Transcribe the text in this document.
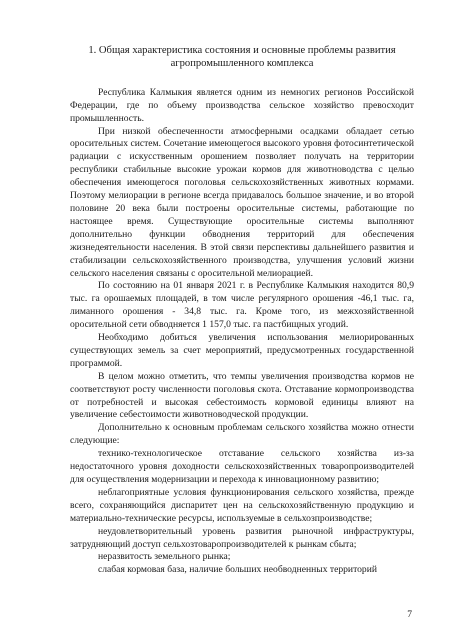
1. Общая характеристика состояния и основные проблемы развития
агропромышленного комплекса

Республика Калмыкия является одним из немногих регионов Российской Федерации, где по объему производства сельское хозяйство превосходит промышленность.

При низкой обеспеченности атмосферными осадками обладает сетью оросительных систем. Сочетание имеющегося высокого уровня фотосинтетической радиации с искусственным орошением позволяет получать на территории республики стабильные высокие урожаи кормов для животноводства с целью обеспечения имеющегося поголовья сельскохозяйственных животных кормами. Поэтому мелиорации в регионе всегда придавалось большое значение, и во второй половине 20 века были построены оросительные системы, работающие по настоящее время. Существующие оросительные системы выполняют дополнительно функции обводнения территорий для обеспечения жизнедеятельности населения. В этой связи перспективы дальнейшего развития и стабилизации сельскохозяйственного производства, улучшения условий жизни сельского населения связаны с оросительной мелиорацией.

По состоянию на 01 января 2021 г. в Республике Калмыкия находится 80,9 тыс. га орошаемых площадей, в том числе регулярного орошения -46,1 тыс. га, лиманного орошения - 34,8 тыс. га. Кроме того, из межхозяйственной оросительной сети обводняется 1 157,0 тыс. га пастбищных угодий.

Необходимо добиться увеличения использования мелиорированных существующих земель за счет мероприятий, предусмотренных государственной программой.

В целом можно отметить, что темпы увеличения производства кормов не соответствуют росту численности поголовья скота. Отставание кормопроизводства от потребностей и высокая себестоимость кормовой единицы влияют на увеличение себестоимости животноводческой продукции.

Дополнительно к основным проблемам сельского хозяйства можно отнести следующие:

технико-технологическое отставание сельского хозяйства из-за недостаточного уровня доходности сельскохозяйственных товаропроизводителей для осуществления модернизации и перехода к инновационному развитию;

неблагоприятные условия функционирования сельского хозяйства, прежде всего, сохраняющийся диспаритет цен на сельскохозяйственную продукцию и материально-технические ресурсы, используемые в сельхозпроизводстве;

неудовлетворительный уровень развития рыночной инфраструктуры, затрудняющий доступ сельхозтоваропроизводителей к рынкам сбыта;

неразвитость земельного рынка;

слабая кормовая база, наличие больших необводненных территорий

7
